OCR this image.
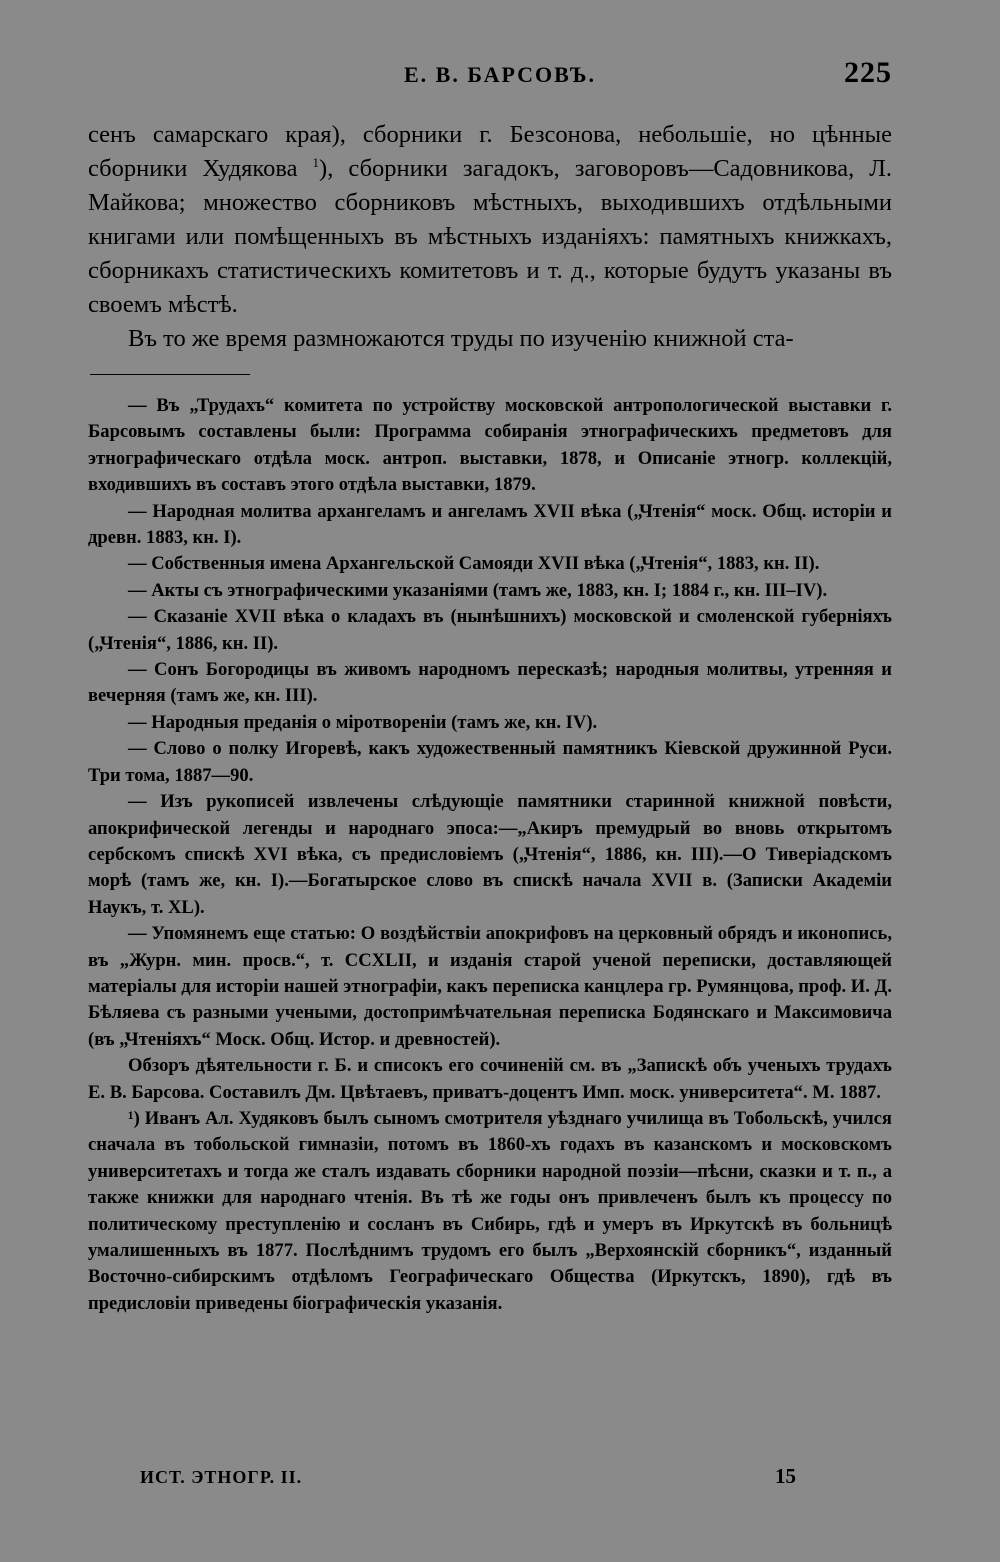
Е. В. БАРСОВЪ.	225

сенъ самарскаго края), сборники г. Безсонова, небольшіе, но цѣнные сборники Худякова $^1$), сборники загадокъ, заговоровъ—Садовникова, Л. Майкова; множество сборниковъ мѣстныхъ, выходившихъ отдѣльными книгами или помѣщенныхъ въ мѣстныхъ изданіяхъ: памятныхъ книжкахъ, сборникахъ статистическихъ комитетовъ и т. д., которые будутъ указаны въ своемъ мѣстѣ.

Въ то же время размножаются труды по изученію книжной ста-

— Въ „Трудахъ“ комитета по устройству московской антропологической выставки г. Барсовымъ составлены были: Программа собиранія этнографическихъ предметовъ для этнографическаго отдѣла моск. антроп. выставки, 1878, и Описаніе этногр. коллекцій, входившихъ въ составъ этого отдѣла выставки, 1879.

— Народная молитва архангеламъ и ангеламъ XVII вѣка („Чтенія“ моск. Общ. исторіи и древн. 1883, кн. I).

— Собственныя имена Архангельской Самояди XVII вѣка („Чтенія“, 1883, кн. II).

— Акты съ этнографическими указаніями (тамъ же, 1883, кн. I; 1884 г., кн. III–IV).

— Сказаніе XVII вѣка о кладахъ въ (нынѣшнихъ) московской и смоленской губерніяхъ („Чтенія“, 1886, кн. II).

— Сонъ Богородицы въ живомъ народномъ пересказѣ; народныя молитвы, утренняя и вечерняя (тамъ же, кн. III).

— Народныя преданія о міротвореніи (тамъ же, кн. IV).

— Слово о полку Игоревѣ, какъ художественный памятникъ Кіевской дружинной Руси. Три тома, 1887—90.

— Изъ рукописей извлечены слѣдующіе памятники старинной книжной повѣсти, апокрифической легенды и народнаго эпоса:—„Акиръ премудрый во вновь открытомъ сербскомъ спискѣ XVI вѣка, съ предисловіемъ („Чтенія“, 1886, кн. III).—О Тиверіадскомъ морѣ (тамъ же, кн. I).—Богатырское слово въ спискѣ начала XVII в. (Записки Академіи Наукъ, т. XL).

— Упомянемъ еще статью: О воздѣйствіи апокрифовъ на церковный обрядъ и иконопись, въ „Журн. мин. просв.“, т. CCXLII, и изданія старой ученой переписки, доставляющей матеріалы для исторіи нашей этнографіи, какъ переписка канцлера гр. Румянцова, проф. И. Д. Бѣляева съ разными учеными, достопримѣчательная переписка Бодянскаго и Максимовича (въ „Чтеніяхъ“ Моск. Общ. Истор. и древностей).

Обзоръ дѣятельности г. Б. и списокъ его сочиненій см. въ „Запискѣ объ ученыхъ трудахъ Е. В. Барсова. Составилъ Дм. Цвѣтаевъ, приватъ-доцентъ Имп. моск. университета“. М. 1887.

¹) Иванъ Ал. Худяковъ былъ сыномъ смотрителя уѣзднаго училища въ Тобольскѣ, учился сначала въ тобольской гимназіи, потомъ въ 1860-хъ годахъ въ казанскомъ и московскомъ университетахъ и тогда же сталъ издавать сборники народной поэзіи—пѣсни, сказки и т. п., а также книжки для народнаго чтенія. Въ тѣ же годы онъ привлеченъ былъ къ процессу по политическому преступленію и сосланъ въ Сибирь, гдѣ и умеръ въ Иркутскѣ въ больницѣ умалишенныхъ въ 1877. Послѣднимъ трудомъ его былъ „Верхоянскій сборникъ“, изданный Восточно-сибирскимъ отдѣломъ Географическаго Общества (Иркутскъ, 1890), гдѣ въ предисловіи приведены біографическія указанія.

ИСТ. ЭТНОГР. II.	15
